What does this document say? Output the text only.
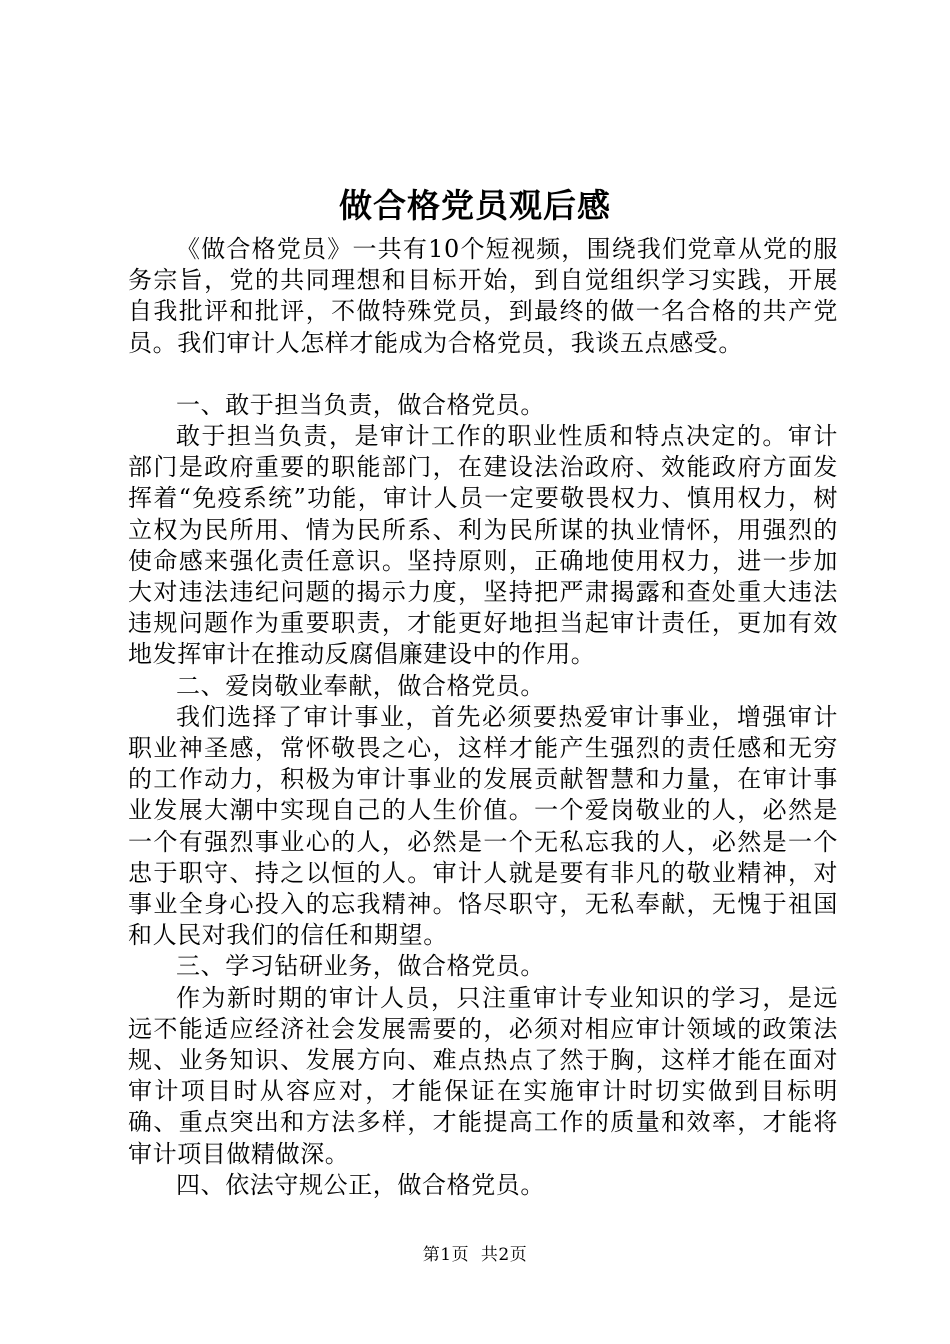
做合格党员观后感

《做合格党员》一共有10个短视频，围绕我们党章从党的服务宗旨，党的共同理想和目标开始，到自觉组织学习实践，开展自我批评和批评，不做特殊党员，到最终的做一名合格的共产党员。我们审计人怎样才能成为合格党员，我谈五点感受。

一、敢于担当负责，做合格党员。

敢于担当负责，是审计工作的职业性质和特点决定的。审计部门是政府重要的职能部门，在建设法治政府、效能政府方面发挥着“免疫系统”功能，审计人员一定要敬畏权力、慎用权力，树立权为民所用、情为民所系、利为民所谋的执业情怀，用强烈的使命感来强化责任意识。坚持原则，正确地使用权力，进一步加大对违法违纪问题的揭示力度，坚持把严肃揭露和查处重大违法违规问题作为重要职责，才能更好地担当起审计责任，更加有效地发挥审计在推动反腐倡廉建设中的作用。

二、爱岗敬业奉献，做合格党员。

我们选择了审计事业，首先必须要热爱审计事业，增强审计职业神圣感，常怀敬畏之心，这样才能产生强烈的责任感和无穷的工作动力，积极为审计事业的发展贡献智慧和力量，在审计事业发展大潮中实现自己的人生价值。一个爱岗敬业的人，必然是一个有强烈事业心的人，必然是一个无私忘我的人，必然是一个忠于职守、持之以恒的人。审计人就是要有非凡的敬业精神，对事业全身心投入的忘我精神。恪尽职守，无私奉献，无愧于祖国和人民对我们的信任和期望。

三、学习钻研业务，做合格党员。

作为新时期的审计人员，只注重审计专业知识的学习，是远远不能适应经济社会发展需要的，必须对相应审计领域的政策法规、业务知识、发展方向、难点热点了然于胸，这样才能在面对审计项目时从容应对，才能保证在实施审计时切实做到目标明确、重点突出和方法多样，才能提高工作的质量和效率，才能将审计项目做精做深。

四、依法守规公正，做合格党员。

第1页 共2页
